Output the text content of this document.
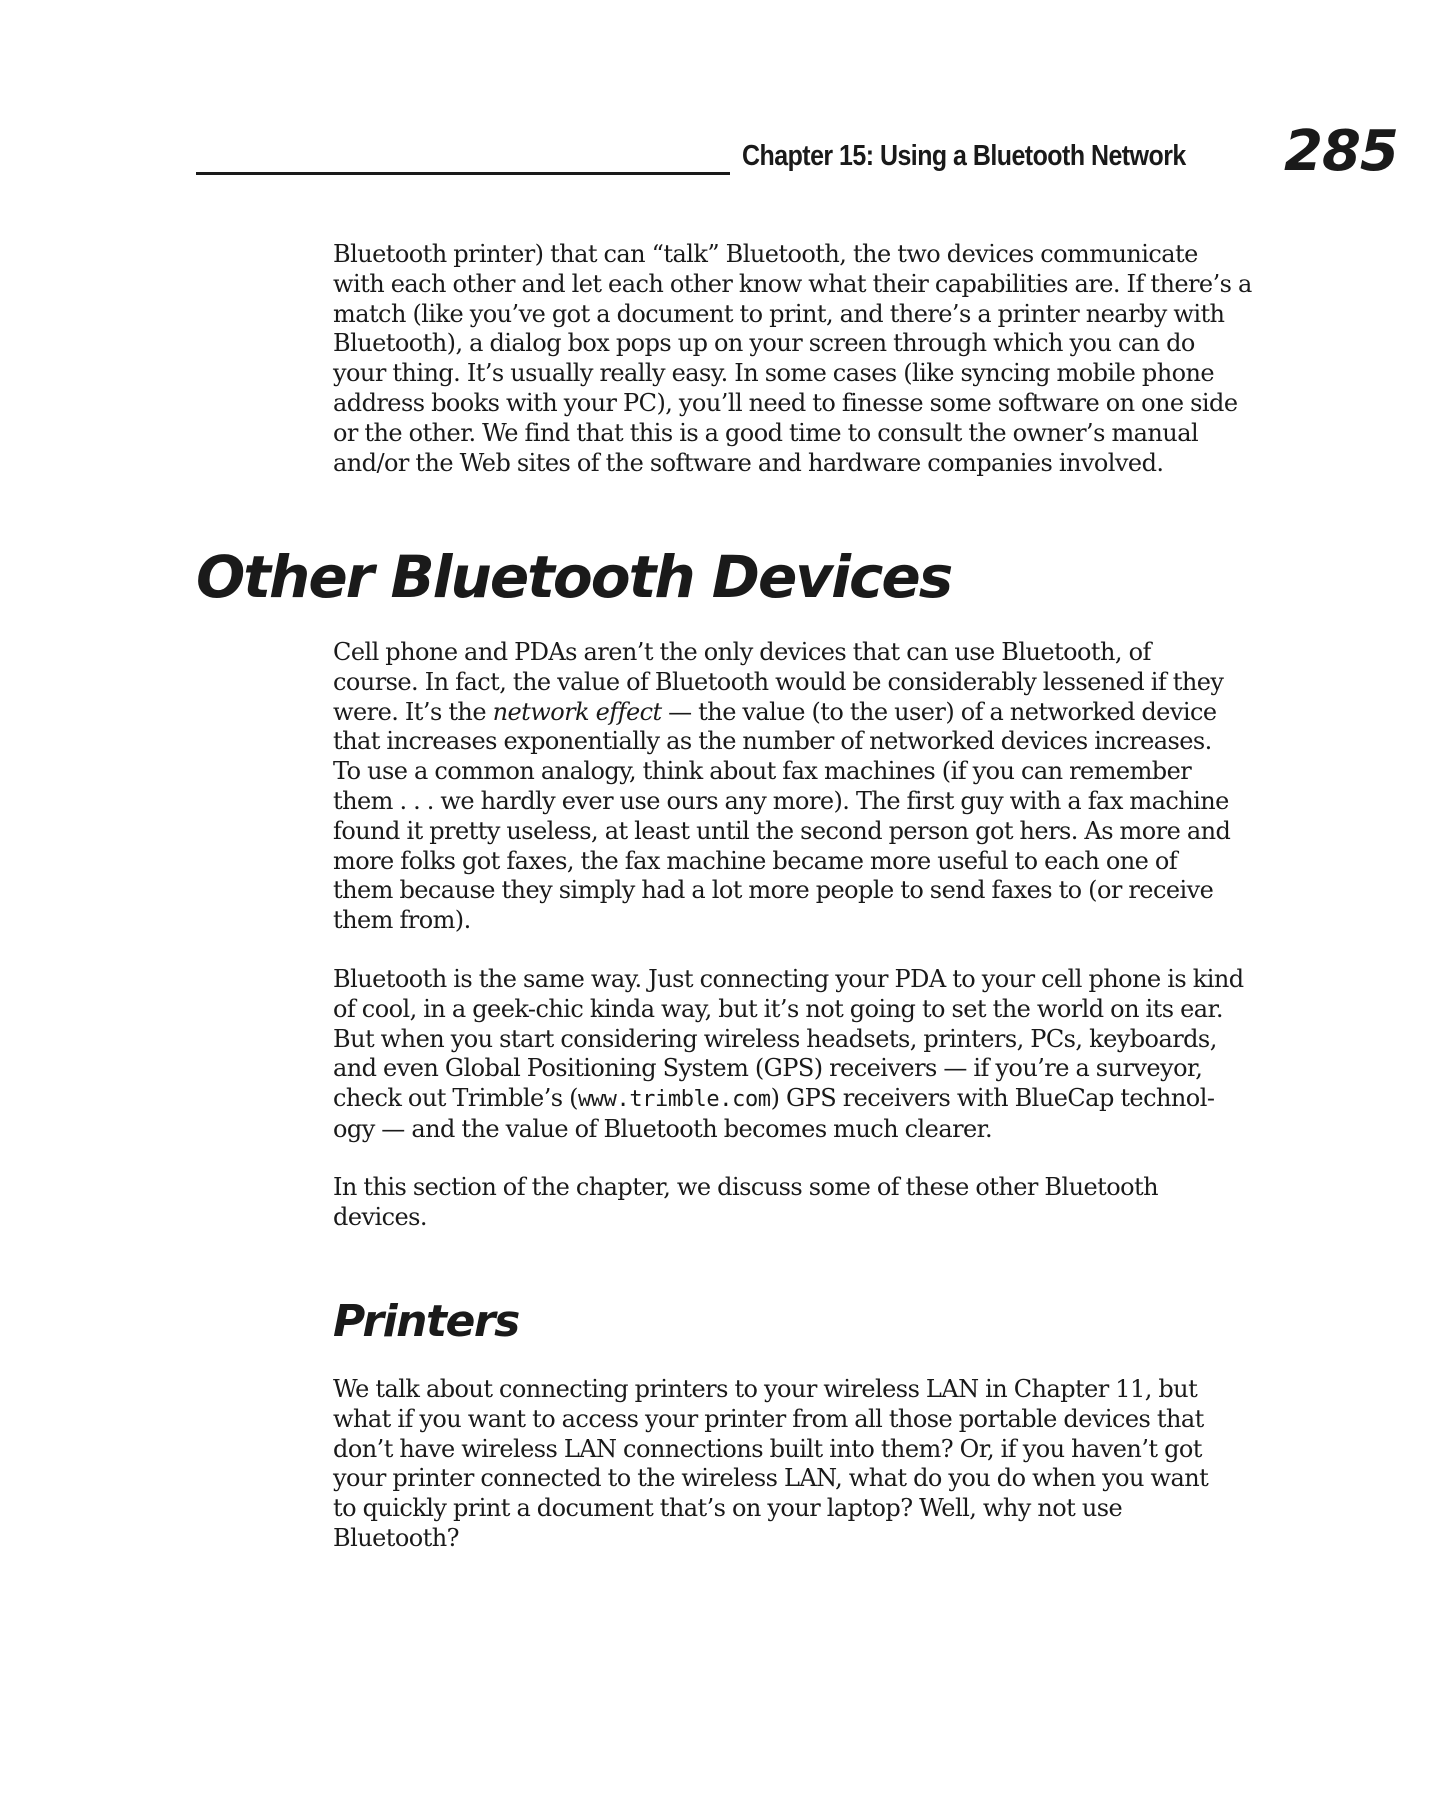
Chapter 15: Using a Bluetooth Network 285

Bluetooth printer) that can “talk” Bluetooth, the two devices communicate
with each other and let each other know what their capabilities are. If there’s a
match (like you’ve got a document to print, and there’s a printer nearby with
Bluetooth), a dialog box pops up on your screen through which you can do
your thing. It’s usually really easy. In some cases (like syncing mobile phone
address books with your PC), you’ll need to finesse some software on one side
or the other. We find that this is a good time to consult the owner’s manual
and/or the Web sites of the software and hardware companies involved.

Other Bluetooth Devices

Cell phone and PDAs aren’t the only devices that can use Bluetooth, of
course. In fact, the value of Bluetooth would be considerably lessened if they
were. It’s the network effect — the value (to the user) of a networked device
that increases exponentially as the number of networked devices increases.
To use a common analogy, think about fax machines (if you can remember
them . . . we hardly ever use ours any more). The first guy with a fax machine
found it pretty useless, at least until the second person got hers. As more and
more folks got faxes, the fax machine became more useful to each one of
them because they simply had a lot more people to send faxes to (or receive
them from).

Bluetooth is the same way. Just connecting your PDA to your cell phone is kind
of cool, in a geek-chic kinda way, but it’s not going to set the world on its ear.
But when you start considering wireless headsets, printers, PCs, keyboards,
and even Global Positioning System (GPS) receivers — if you’re a surveyor,
check out Trimble’s (www.trimble.com) GPS receivers with BlueCap technol-
ogy — and the value of Bluetooth becomes much clearer.

In this section of the chapter, we discuss some of these other Bluetooth
devices.

Printers

We talk about connecting printers to your wireless LAN in Chapter 11, but
what if you want to access your printer from all those portable devices that
don’t have wireless LAN connections built into them? Or, if you haven’t got
your printer connected to the wireless LAN, what do you do when you want
to quickly print a document that’s on your laptop? Well, why not use
Bluetooth?
